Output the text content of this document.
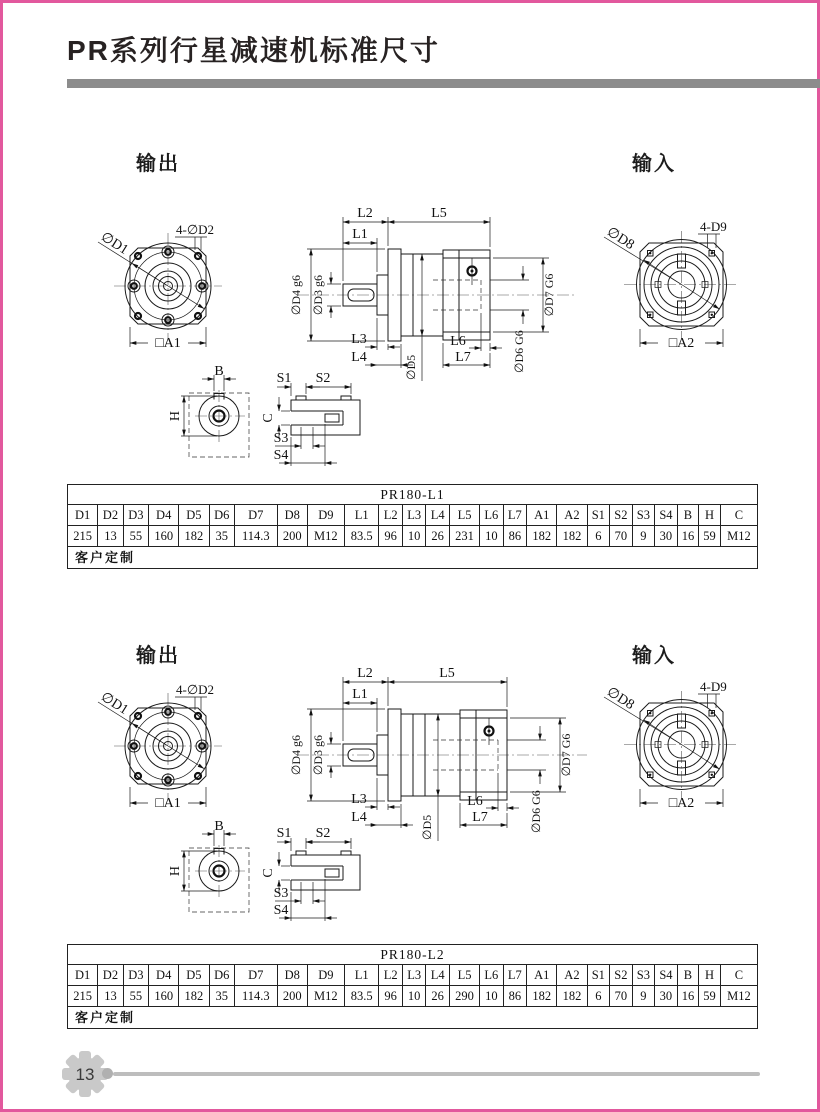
PR系列行星减速机标准尺寸
输出	输入
∅D1
4-∅D2
□A1
L2	L5
L1
∅D4 g6 ∅D3 g6
L3
L4	∅D5
L6
L7	∅D6 G6
∅D7 G6
∅D8	4-D9
□A2
B
H	C
S1 S2
S3
S4
PR180-L1																								
D1	D2	D3	D4	D5	D6	D7	D8	D9	L1	L2	L3	L4	L5	L6	L7	A1	A2	S1	S2	S3	S4	B	H	C
215	13	55	160	182	35	114.3	200	M12	83.5	96	10	26	231	10	86	182	182	6	70	9	30	16	59	M12
客户定制																								
输出	输入
∅D1
4-∅D2
□A1
L2	L5
L1
∅D4 g6 ∅D3 g6
L3
L4	∅D5
L6
L7	∅D6 G6
∅D7 G6
∅D8	4-D9
□A2
B
H	C
S1 S2
S3
S4
PR180-L2																								
D1	D2	D3	D4	D5	D6	D7	D8	D9	L1	L2	L3	L4	L5	L6	L7	A1	A2	S1	S2	S3	S4	B	H	C
215	13	55	160	182	35	114.3	200	M12	83.5	96	10	26	290	10	86	182	182	6	70	9	30	16	59	M12
客户定制																								
13
